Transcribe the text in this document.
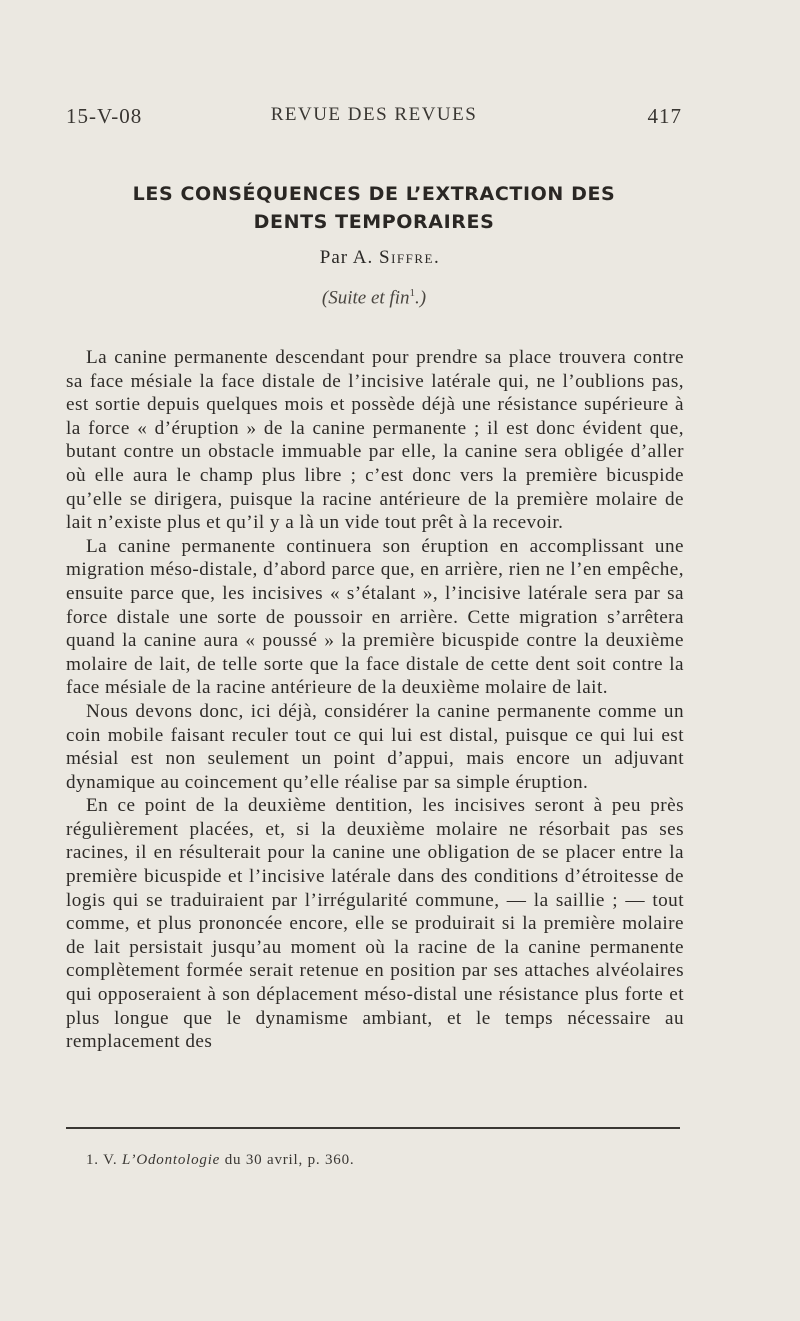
15-V-08	REVUE DES REVUES	417
LES CONSÉQUENCES DE L’EXTRACTION DES
DENTS TEMPORAIRES
Par A. Siffre.
(Suite et fin$^1$.)

La canine permanente descendant pour prendre sa place trouvera contre sa face mésiale la face distale de l’incisive latérale qui, ne l’oublions pas, est sortie depuis quelques mois et possède déjà une résistance supérieure à la force « d’éruption » de la canine permanente ; il est donc évident que, butant contre un obstacle immuable par elle, la canine sera obligée d’aller où elle aura le champ plus libre ; c’est donc vers la première bicuspide qu’elle se dirigera, puisque la racine antérieure de la première molaire de lait n’existe plus et qu’il y a là un vide tout prêt à la recevoir.

La canine permanente continuera son éruption en accomplissant une migration méso-distale, d’abord parce que, en arrière, rien ne l’en empêche, ensuite parce que, les incisives « s’étalant », l’incisive latérale sera par sa force distale une sorte de poussoir en arrière. Cette migration s’arrêtera quand la canine aura « poussé » la première bicuspide contre la deuxième molaire de lait, de telle sorte que la face distale de cette dent soit contre la face mésiale de la racine antérieure de la deuxième molaire de lait.

Nous devons donc, ici déjà, considérer la canine permanente comme un coin mobile faisant reculer tout ce qui lui est distal, puisque ce qui lui est mésial est non seulement un point d’appui, mais encore un adjuvant dynamique au coincement qu’elle réalise par sa simple éruption.

En ce point de la deuxième dentition, les incisives seront à peu près régulièrement placées, et, si la deuxième molaire ne résorbait pas ses racines, il en résulterait pour la canine une obligation de se placer entre la première bicuspide et l’incisive latérale dans des conditions d’étroitesse de logis qui se traduiraient par l’irrégularité commune, — la saillie ; — tout comme, et plus prononcée encore, elle se produirait si la première molaire de lait persistait jusqu’au moment où la racine de la canine permanente complètement formée serait retenue en position par ses attaches alvéolaires qui opposeraient à son déplacement méso-distal une résistance plus forte et plus longue que le dynamisme ambiant, et le temps nécessaire au remplacement des

1. V. L’Odontologie du 30 avril, p. 360.
